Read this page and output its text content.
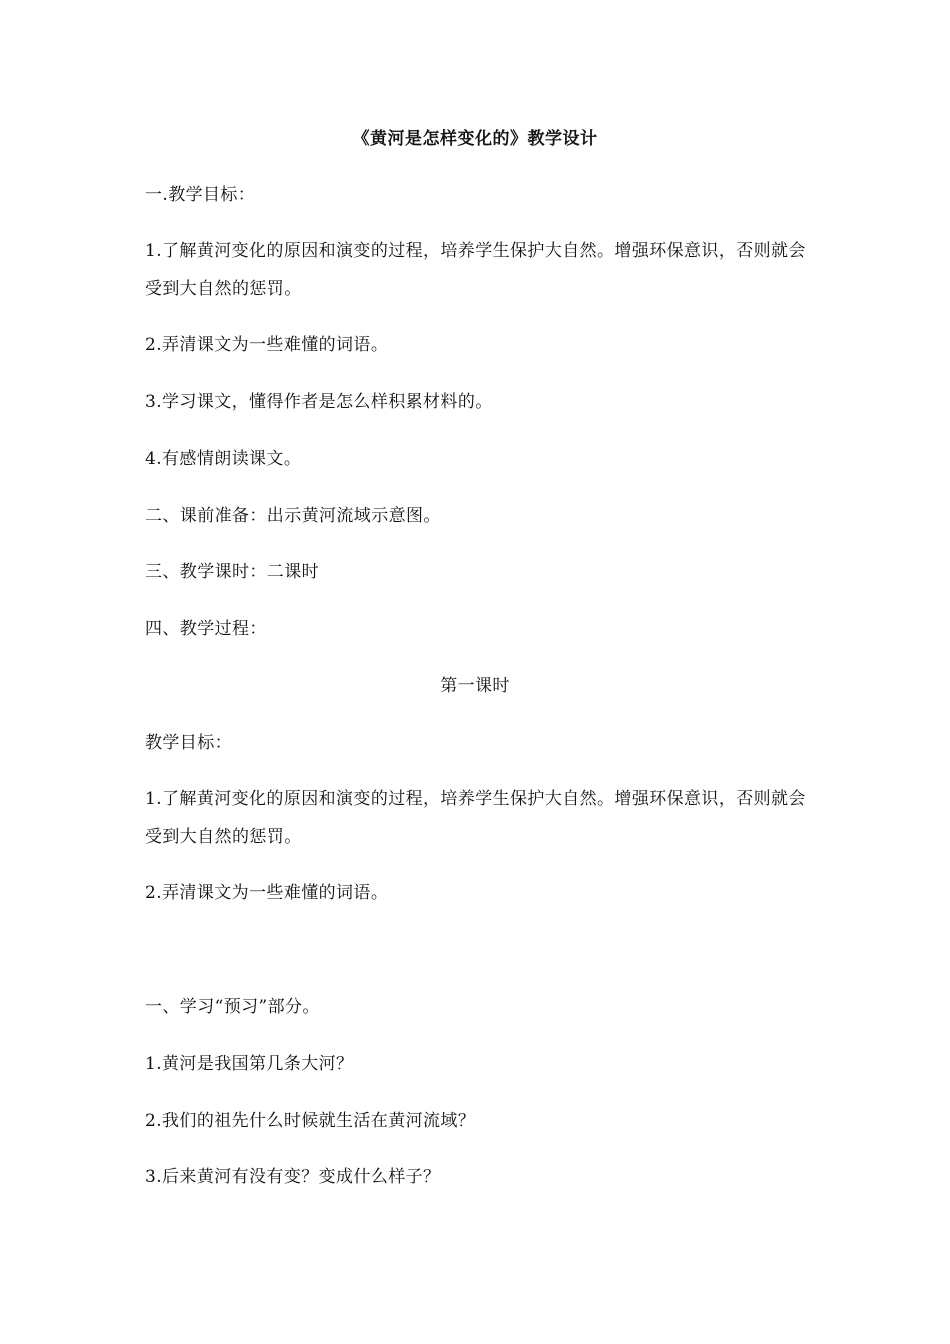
《黄河是怎样变化的》教学设计
一.教学目标：
1.了解黄河变化的原因和演变的过程，培养学生保护大自然。增强环保意识，否则就会受到大自然的惩罚。
2.弄清课文为一些难懂的词语。
3.学习课文，懂得作者是怎么样积累材料的。
4.有感情朗读课文。
二、课前准备：出示黄河流域示意图。
三、教学课时：二课时
四、教学过程：
第一课时
教学目标：
1.了解黄河变化的原因和演变的过程，培养学生保护大自然。增强环保意识，否则就会受到大自然的惩罚。
2.弄清课文为一些难懂的词语。
一、学习“预习”部分。
1.黄河是我国第几条大河？
2.我们的祖先什么时候就生活在黄河流域？
3.后来黄河有没有变？变成什么样子？
